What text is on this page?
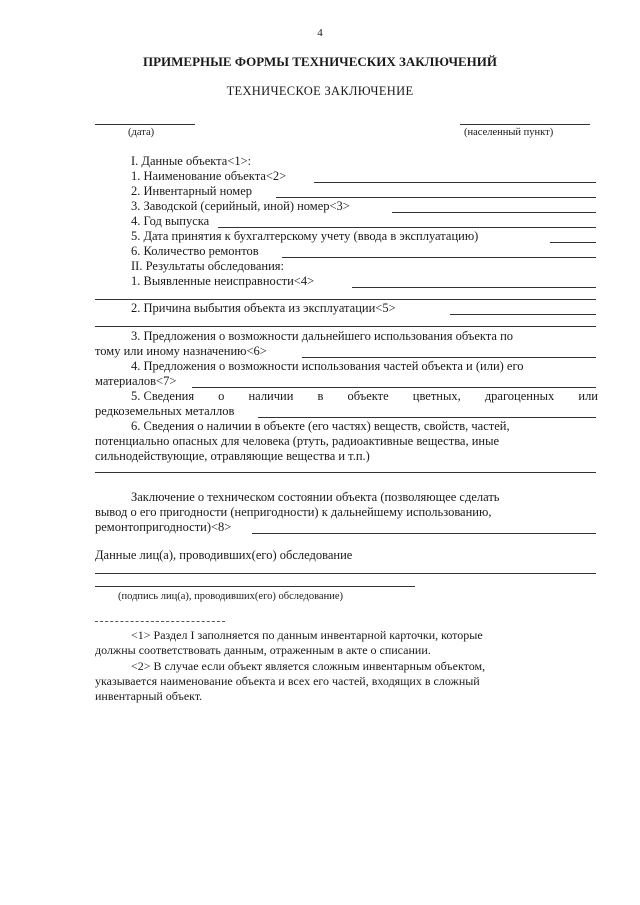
4
ПРИМЕРНЫЕ ФОРМЫ ТЕХНИЧЕСКИХ ЗАКЛЮЧЕНИЙ
ТЕХНИЧЕСКОЕ ЗАКЛЮЧЕНИЕ
(дата)	(населенный пункт)
I. Данные объекта<1>:
1. Наименование объекта<2>
2. Инвентарный номер
3. Заводской (серийный, иной) номер<3>
4. Год выпуска
5. Дата принятия к бухгалтерскому учету (ввода в эксплуатацию)
6. Количество ремонтов
II. Результаты обследования:
1. Выявленные неисправности<4>
2. Причина выбытия объекта из эксплуатации<5>
3. Предложения о возможности дальнейшего использования объекта по
тому или иному назначению<6>
4. Предложения о возможности использования частей объекта и (или) его
материалов<7>
5. Сведения о наличии в объекте цветных, драгоценных или
редкоземельных металлов
6. Сведения о наличии в объекте (его частях) веществ, свойств, частей,
потенциально опасных для человека (ртуть, радиоактивные вещества, иные
сильнодействующие, отравляющие вещества и т.п.)
Заключение о техническом состоянии объекта (позволяющее сделать
вывод о его пригодности (непригодности) к дальнейшему использованию,
ремонтопригодности)<8>
Данные лиц(а), проводивших(его) обследование
(подпись лиц(а), проводивших(его) обследование)
<1> Раздел I заполняется по данным инвентарной карточки, которые
должны соответствовать данным, отраженным в акте о списании.
<2> В случае если объект является сложным инвентарным объектом,
указывается наименование объекта и всех его частей, входящих в сложный
инвентарный объект.
